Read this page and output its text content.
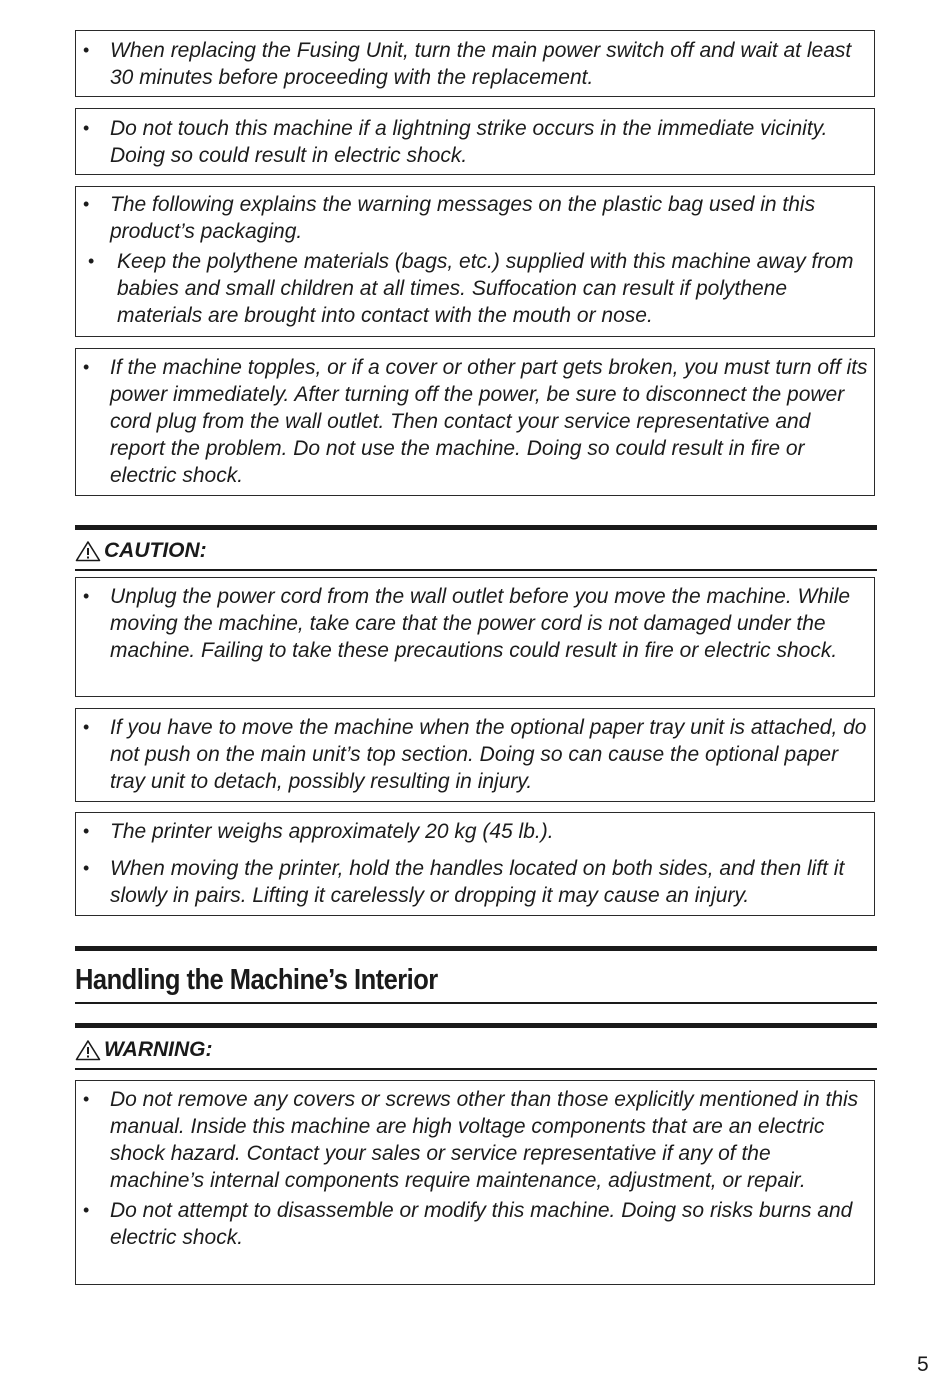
• When replacing the Fusing Unit, turn the main power switch off and wait at least 30 minutes before proceeding with the replacement.
• Do not touch this machine if a lightning strike occurs in the immediate vicinity. Doing so could result in electric shock.
• The following explains the warning messages on the plastic bag used in this product’s packaging.
• Keep the polythene materials (bags, etc.) supplied with this machine away from babies and small children at all times. Suffocation can result if polythene materials are brought into contact with the mouth or nose.
• If the machine topples, or if a cover or other part gets broken, you must turn off its power immediately. After turning off the power, be sure to disconnect the power cord plug from the wall outlet. Then contact your service representative and report the problem. Do not use the machine. Doing so could result in fire or electric shock.
CAUTION:
• Unplug the power cord from the wall outlet before you move the machine. While moving the machine, take care that the power cord is not damaged under the machine. Failing to take these precautions could result in fire or electric shock.
• If you have to move the machine when the optional paper tray unit is attached, do not push on the main unit’s top section. Doing so can cause the optional paper tray unit to detach, possibly resulting in injury.
• The printer weighs approximately 20 kg (45 lb.).
• When moving the printer, hold the handles located on both sides, and then lift it slowly in pairs. Lifting it carelessly or dropping it may cause an injury.
Handling the Machine’s Interior
WARNING:
• Do not remove any covers or screws other than those explicitly mentioned in this manual. Inside this machine are high voltage components that are an electric shock hazard. Contact your sales or service representative if any of the machine’s internal components require maintenance, adjustment, or repair.
• Do not attempt to disassemble or modify this machine. Doing so risks burns and electric shock.
5
